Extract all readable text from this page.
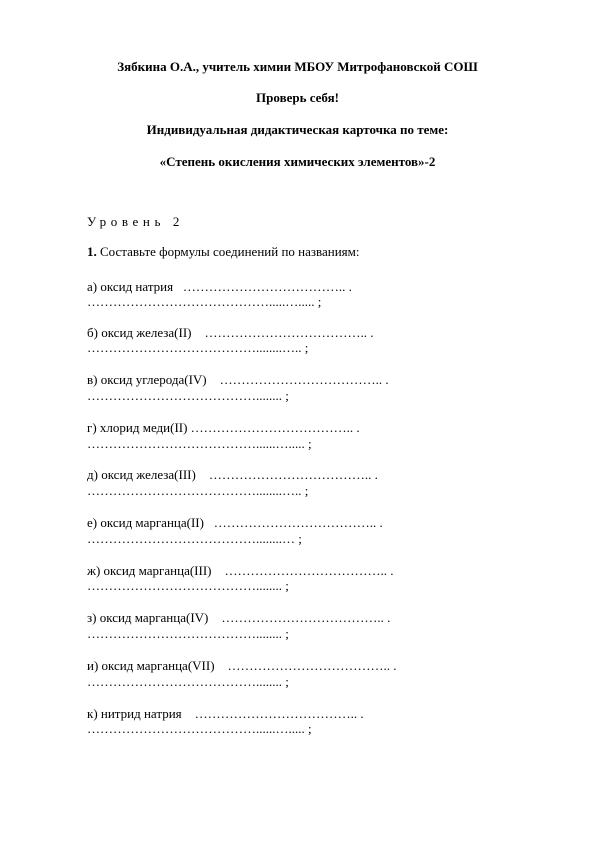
Зябкина О.А., учитель химии МБОУ Митрофановской СОШ
Проверь себя!
Индивидуальная дидактическая карточка по теме:
«Степень окисления химических элементов»-2
Уровень 2
1. Составьте формулы соединений по названиям:
а) оксид натрия   ……………………………….. .
…………………………………….....…..... ;
б) оксид железа(II)    ……………………………….. .
…………………………………........….. ;
в) оксид углерода(IV)    ……………………………….. .
…………………………………........ ;
г) хлорид меди(II) ……………………………….. .
…………………………………......…..... ;
д) оксид железа(III)    ……………………………….. .
…………………………………........….. ;
е) оксид марганца(II)   ……………………………….. .
…………………………………........… ;
ж) оксид марганца(III)    ……………………………….. .
…………………………………........ ;
з) оксид марганца(IV)    ……………………………….. .
…………………………………........ ;
и) оксид марганца(VII)    ……………………………….. .
…………………………………........ ;
к) нитрид натрия    ……………………………….. .
…………………………………......…..... ;
